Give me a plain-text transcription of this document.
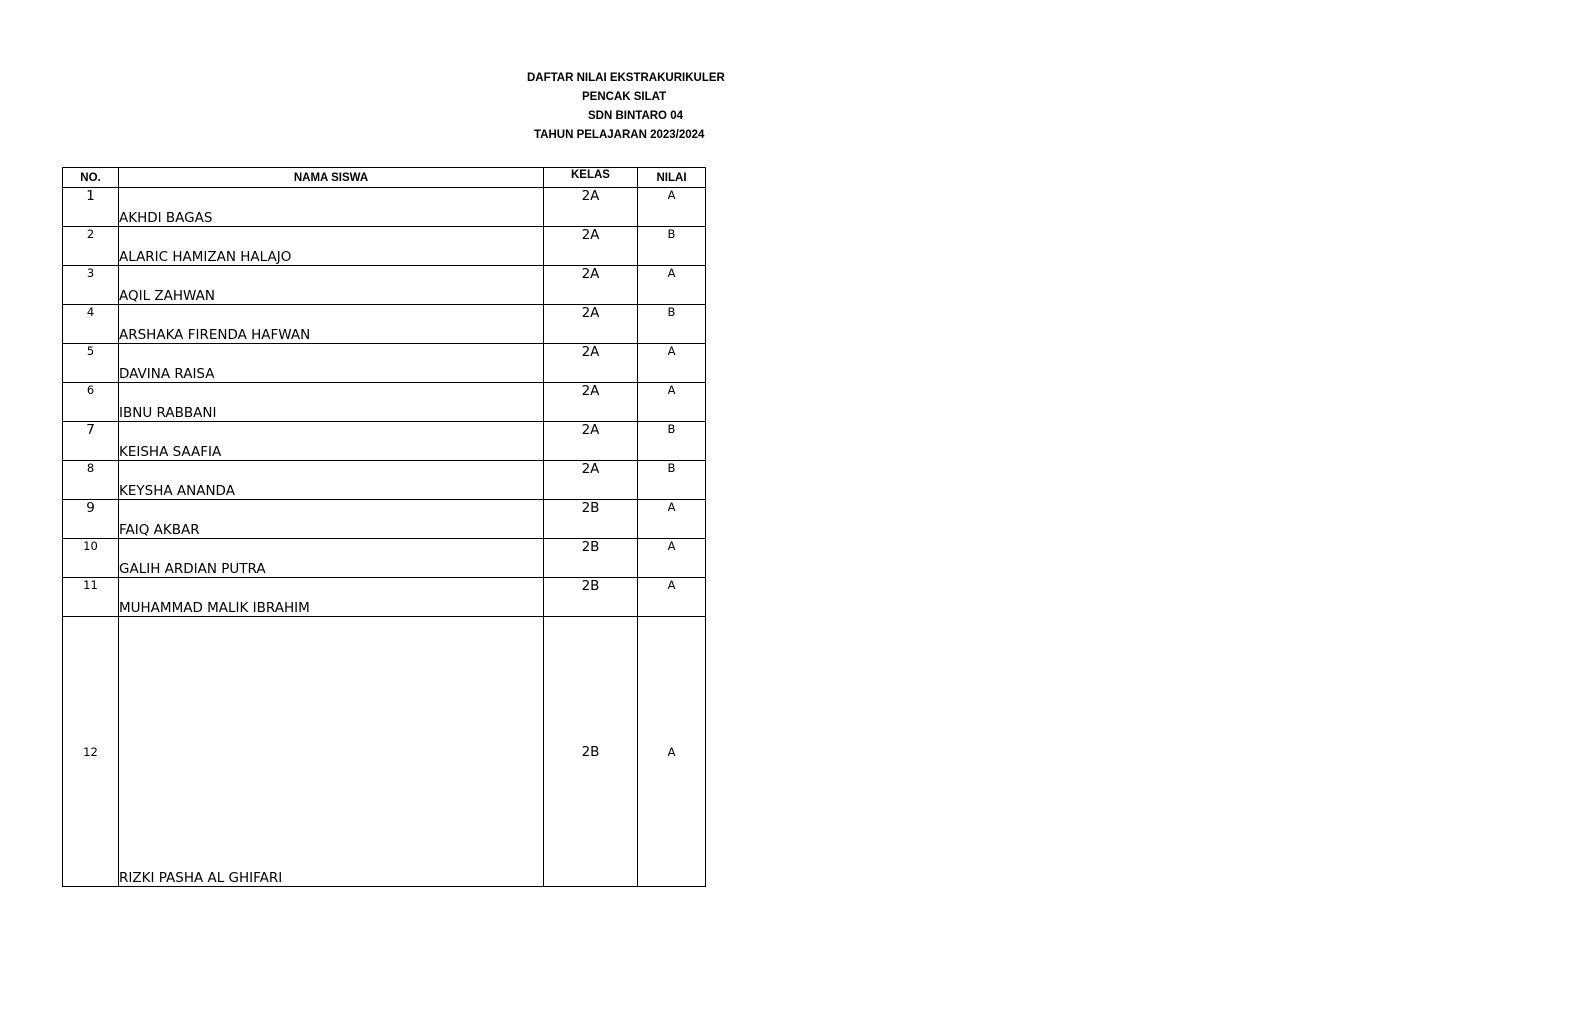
DAFTAR NILAI EKSTRAKURIKULER
PENCAK SILAT
SDN BINTARO 04
TAHUN PELAJARAN 2023/2024
NO.	NAMA SISWA	KELAS	NILAI
1	AKHDI BAGAS	2A	A
2	ALARIC HAMIZAN HALAJO	2A	B
3	AQIL ZAHWAN	2A	A
4	ARSHAKA FIRENDA HAFWAN	2A	B
5	DAVINA RAISA	2A	A
6	IBNU RABBANI	2A	A
7	KEISHA SAAFIA	2A	B
8	KEYSHA ANANDA	2A	B
9	FAIQ AKBAR	2B	A
10	GALIH ARDIAN PUTRA	2B	A
11	MUHAMMAD MALIK IBRAHIM	2B	A
12	RIZKI PASHA AL GHIFARI	2B	A
